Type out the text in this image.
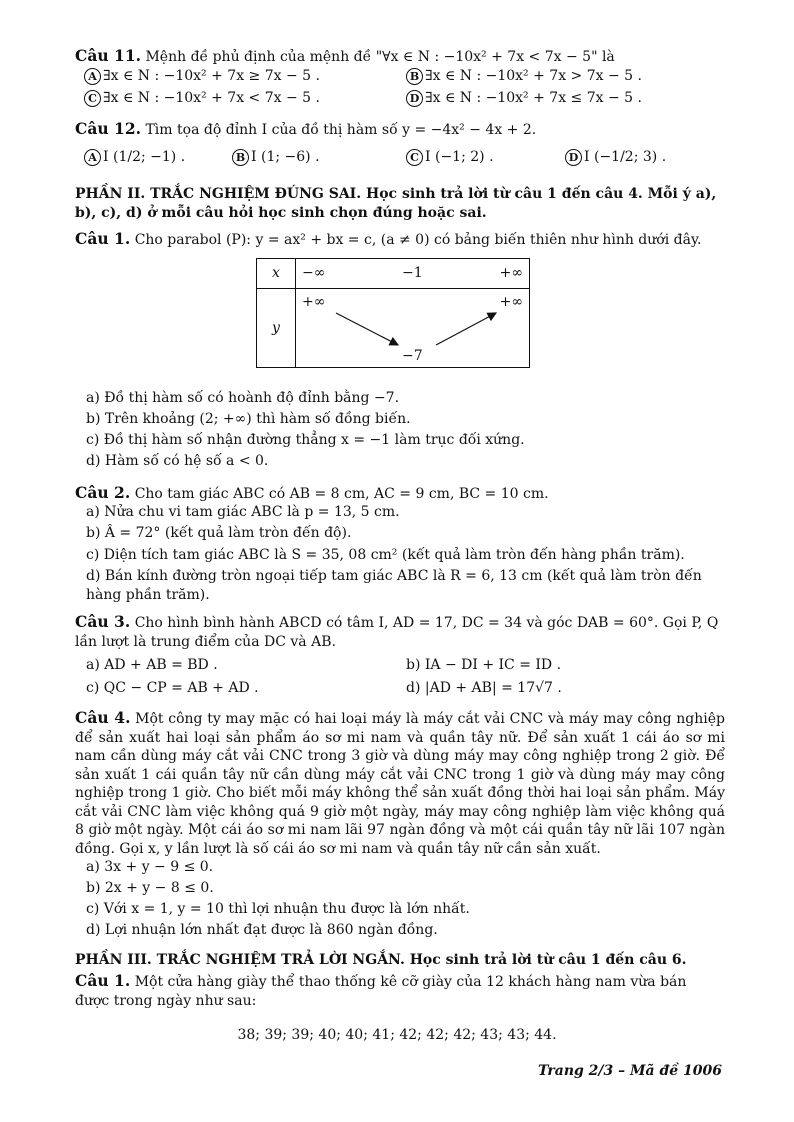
Câu 11. Mệnh đề phủ định của mệnh đề "∀x ∈ N : −10x² + 7x < 7x − 5" là
A ∃x ∈ N : −10x² + 7x ≥ 7x − 5 .	B ∃x ∈ N : −10x² + 7x > 7x − 5 .
C ∃x ∈ N : −10x² + 7x < 7x − 5 .	D ∃x ∈ N : −10x² + 7x ≤ 7x − 5 .
Câu 12. Tìm tọa độ đỉnh I của đồ thị hàm số y = −4x² − 4x + 2.
A I (1/2; −1) .	B I (1; −6) .	C I (−1; 2) .	D I (−1/2; 3) .
PHẦN II. TRẮC NGHIỆM ĐÚNG SAI. Học sinh trả lời từ câu 1 đến câu 4. Mỗi ý a), b), c), d) ở mỗi câu hỏi học sinh chọn đúng hoặc sai.
Câu 1. Cho parabol (P): y = ax² + bx = c, (a ≠ 0) có bảng biến thiên như hình dưới đây.
x	−∞ −1 +∞

y	+∞ +∞
−7
a) Đồ thị hàm số có hoành độ đỉnh bằng −7.
b) Trên khoảng (2; +∞) thì hàm số đồng biến.
c) Đồ thị hàm số nhận đường thẳng x = −1 làm trục đối xứng.
d) Hàm số có hệ số a < 0.
Câu 2. Cho tam giác ABC có AB = 8 cm, AC = 9 cm, BC = 10 cm.
a) Nửa chu vi tam giác ABC là p = 13, 5 cm.
b) Â = 72° (kết quả làm tròn đến độ).
c) Diện tích tam giác ABC là S = 35, 08 cm² (kết quả làm tròn đến hàng phần trăm).
d) Bán kính đường tròn ngoại tiếp tam giác ABC là R = 6, 13 cm (kết quả làm tròn đến hàng phần trăm).
Câu 3. Cho hình bình hành ABCD có tâm I, AD = 17, DC = 34 và góc DAB = 60°. Gọi P, Q lần lượt là trung điểm của DC và AB.
a) AD + AB = BD .	b) IA − DI + IC = ID .
c) QC − CP = AB + AD .	d) |AD + AB| = 17√7 .
Câu 4. Một công ty may mặc có hai loại máy là máy cắt vải CNC và máy may công nghiệp để sản xuất hai loại sản phẩm áo sơ mi nam và quần tây nữ. Để sản xuất 1 cái áo sơ mi nam cần dùng máy cắt vải CNC trong 3 giờ và dùng máy may công nghiệp trong 2 giờ. Để sản xuất 1 cái quần tây nữ cần dùng máy cắt vải CNC trong 1 giờ và dùng máy may công nghiệp trong 1 giờ. Cho biết mỗi máy không thể sản xuất đồng thời hai loại sản phẩm. Máy cắt vải CNC làm việc không quá 9 giờ một ngày, máy may công nghiệp làm việc không quá 8 giờ một ngày. Một cái áo sơ mi nam lãi 97 ngàn đồng và một cái quần tây nữ lãi 107 ngàn đồng. Gọi x, y lần lượt là số cái áo sơ mi nam và quần tây nữ cần sản xuất.
a) 3x + y − 9 ≤ 0.
b) 2x + y − 8 ≤ 0.
c) Với x = 1, y = 10 thì lợi nhuận thu được là lớn nhất.
d) Lợi nhuận lớn nhất đạt được là 860 ngàn đồng.
PHẦN III. TRẮC NGHIỆM TRẢ LỜI NGẮN. Học sinh trả lời từ câu 1 đến câu 6.
Câu 1. Một cửa hàng giày thể thao thống kê cỡ giày của 12 khách hàng nam vừa bán được trong ngày như sau:
38; 39; 39; 40; 40; 41; 42; 42; 42; 43; 43; 44.
Trang 2/3 – Mã đề 1006
